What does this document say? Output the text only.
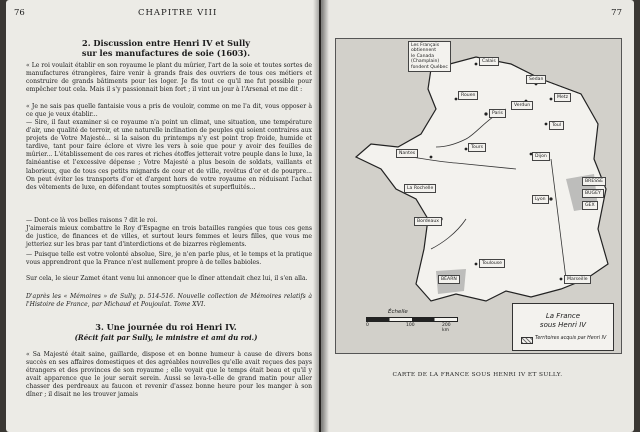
76	CHAPITRE VIII
2. Discussion entre Henri IV et Sully
sur les manufactures de soie (1603).

« Le roi voulait établir en son royaume le plant du mûrier, l'art de la soie et toutes sortes de manufactures étrangères, faire venir à grands frais des ouvriers de tous ces métiers et construire de grands bâtiments pour les loger. Je fis tout ce qu'il me fut possible pour empêcher tout cela. Mais il s'y passionnait bien fort ; il vint un jour à l'Arsenal et me dit :

« Je ne sais pas quelle fantaisie vous a pris de vouloir, comme on me l'a dit, vous opposer à ce que je veux établir...

— Sire, il faut examiner si ce royaume n'a point un climat, une situation, une température d'air, une qualité de terroir, et une naturelle inclination de peuples qui soient contraires aux projets de Votre Majesté... si la saison du printemps n'y est point trop froide, humide et tardive, tant pour faire éclore et vivre les vers à soie que pour y avoir des feuilles de mûrier... L'établissement de ces rares et riches étoffes jetterait votre peuple dans le luxe, la fainéantise et l'excessive dépense ; Votre Majesté a plus besoin de soldats, vaillants et laborieux, que de tous ces petits mignards de cour et de ville, revêtus d'or et de pourpre... On peut éviter les transports d'or et d'argent hors de votre royaume en réduisant l'achat des vêtements de luxe, en défendant toutes somptuosités et superfluités...

— Dont-ce là vos belles raisons ? dit le roi.

J'aimerais mieux combattre le Roy d'Espagne en trois batailles rangées que tous ces gens de justice, de finances et de villes, et surtout leurs femmes et leurs filles, que vous me jetteriez sur les bras par tant d'interdictions et de bizarres règlements.

— Puisque telle est votre volonté absolue, Sire, je n'en parle plus, et le temps et la pratique vous apprendront que la France n'est nullement propre à de telles babioles.

Sur cela, le sieur Zamet étant venu lui annoncer que le dîner attendait chez lui, il s'en alla.

D'après les « Mémoires » de Sully, p. 514-516. Nouvelle collection de Mémoires relatifs à l'Histoire de France, par Michaud et Poujoulat. Tome XVI.

3. Une journée du roi Henri IV.
(Récit fait par Sully, le ministre et ami du roi.)

« Sa Majesté était saine, gaillarde, dispose et en bonne humeur à cause de divers bons succès en ses affaires domestiques et des agréables nouvelles qu'elle avait reçues des pays étrangers et des provinces de son royaume ; elle voyait que le temps était beau et qu'il y avait apparence que le jour serait serein. Aussi se leva-t-elle de grand matin pour aller chasser des perdreaux au faucon et revenir d'assez bonne heure pour les manger à son dîner ; il disait ne les trouver jamais

77
Les Français
obtiennent
le Canada
(Champlain)
fondent Québec
Paris
Rouen
Calais
Nantes
Tours
Lyon
Bordeaux
Toulouse
Marseille
La Rochelle
BÉARN
BRESSE
BUGEY
GEX
Metz
Verdun
Sedan
Toul
Dijon
Échelle
0	100	200 km
La France
sous Henri IV
Territoires acquis par Henri IV
CARTE DE LA FRANCE SOUS HENRI IV ET SULLY.
